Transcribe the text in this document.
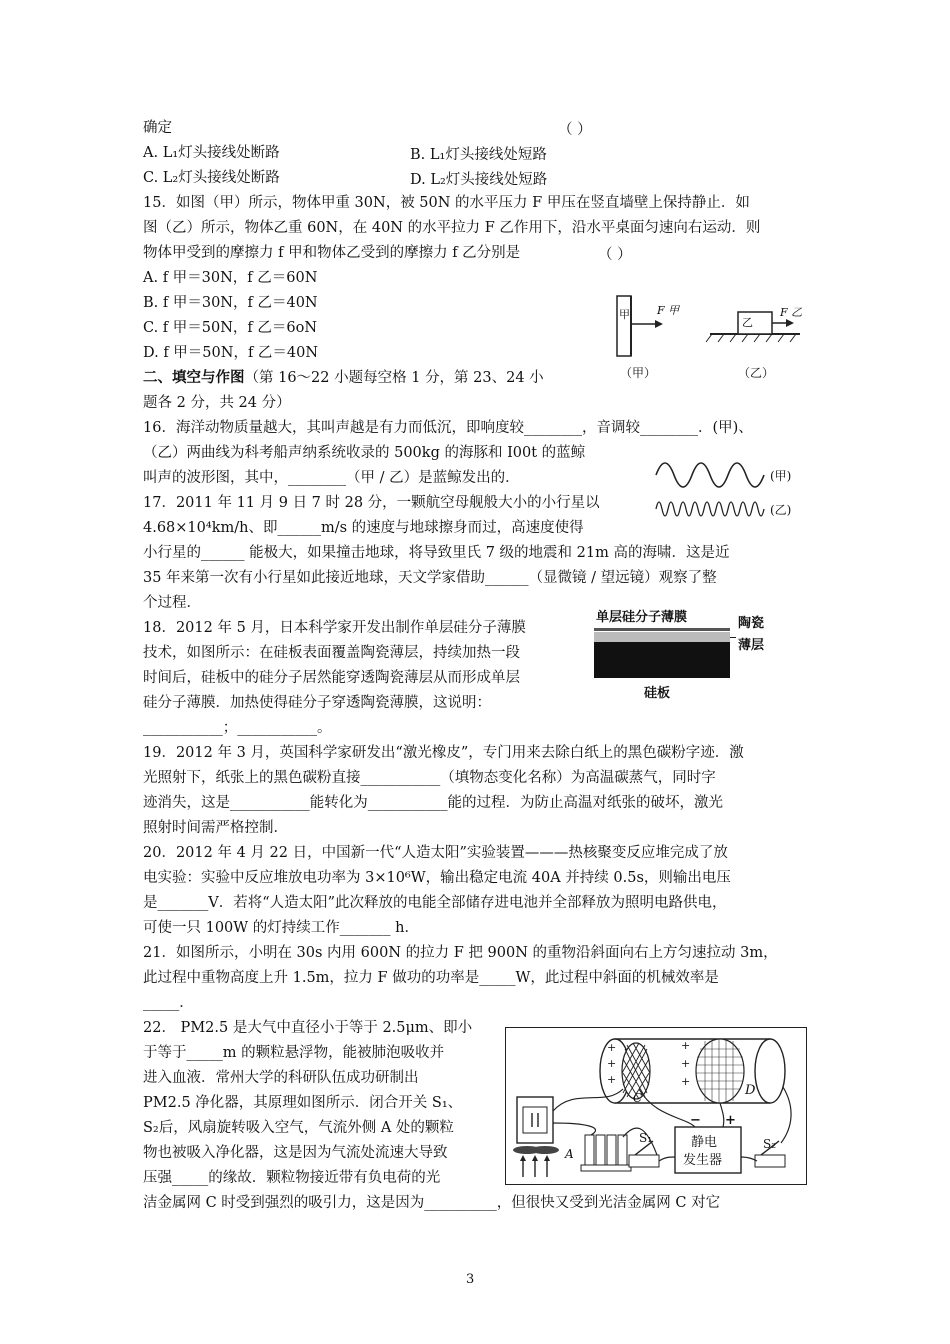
确定	（ ）
A. L₁灯头接线处断路	B. L₁灯头接线处短路
C. L₂灯头接线处断路	D. L₂灯头接线处短路
15．如图（甲）所示，物体甲重 30N，被 50N 的水平压力 F 甲压在竖直墙壁上保持静止．如
图（乙）所示，物体乙重 60N，在 40N 的水平拉力 F 乙作用下，沿水平桌面匀速向右运动．则
物体甲受到的摩擦力 f 甲和物体乙受到的摩擦力 f 乙分别是	（ ）
A. f 甲＝30N，f 乙＝60N
B. f 甲＝30N，f 乙＝40N
C. f 甲＝50N，f 乙＝6oN
D. f 甲＝50N，f 乙＝40N
二、填空与作图（第 16～22 小题每空格 1 分，第 23、24 小
题各 2 分，共 24 分）
16．海洋动物质量越大，其叫声越是有力而低沉，即响度较________，音调较________．(甲)、
（乙）两曲线为科考船声纳系统收录的 500kg 的海豚和 I00t 的蓝鲸
叫声的波形图，其中，________（甲 / 乙）是蓝鲸发出的．
17．2011 年 11 月 9 日 7 时 28 分，一颗航空母舰般大小的小行星以
4.68×10⁴km/h、即______m/s 的速度与地球擦身而过，高速度使得
小行星的______ 能极大，如果撞击地球，将导致里氏 7 级的地震和 21m 高的海啸．这是近
35 年来第一次有小行星如此接近地球，天文学家借助______（显微镜 / 望远镜）观察了整
个过程．
18．2012 年 5 月，日本科学家开发出制作单层硅分子薄膜
技术，如图所示：在硅板表面覆盖陶瓷薄层，持续加热一段
时间后，硅板中的硅分子居然能穿透陶瓷薄层从而形成单层
硅分子薄膜．加热使得硅分子穿透陶瓷薄膜，这说明：
___________；___________。
19．2012 年 3 月，英国科学家研发出“激光橡皮”，专门用来去除白纸上的黑色碳粉字迹．激
光照射下，纸张上的黑色碳粉直接___________（填物态变化名称）为高温碳蒸气，同时字
迹消失，这是___________能转化为___________能的过程．为防止高温对纸张的破坏，激光
照射时间需严格控制．
20．2012 年 4 月 22 日，中国新一代“人造太阳”实验装置———热核聚变反应堆完成了放
电实验：实验中反应堆放电功率为 3×10⁶W，输出稳定电流 40A 并持续 0.5s，则输出电压
是_______V．若将“人造太阳”此次释放的电能全部储存进电池并全部释放为照明电路供电，
可使一只 100W 的灯持续工作_______ h．
21．如图所示，小明在 30s 内用 600N 的拉力 F 把 900N 的重物沿斜面向右上方匀速拉动 3m，
此过程中重物高度上升 1.5m，拉力 F 做功的功率是_____W，此过程中斜面的机械效率是
_____．
22． PM2.5 是大气中直径小于等于 2.5μm、即小
于等于_____m 的颗粒悬浮物，能被肺泡吸收并
进入血液．常州大学的科研队伍成功研制出
PM2.5 净化器，其原理如图所示．闭合开关 S₁、
S₂后，风扇旋转吸入空气，气流外侧 A 处的颗粒
物也被吸入净化器，这是因为气流处流速大导致
压强_____的缘故．颗粒物接近带有负电荷的光
洁金属网 C 时受到强烈的吸引力，这是因为__________，但很快又受到光洁金属网 C 对它
甲 F 甲
乙
F 乙
（甲）	（乙）
(甲)
(乙)
单层硅分子薄膜	陶瓷
薄层
硅板
+
+
+
+
+
+
C	D
A
S₁	S₂
− +
静电
发生器
3
